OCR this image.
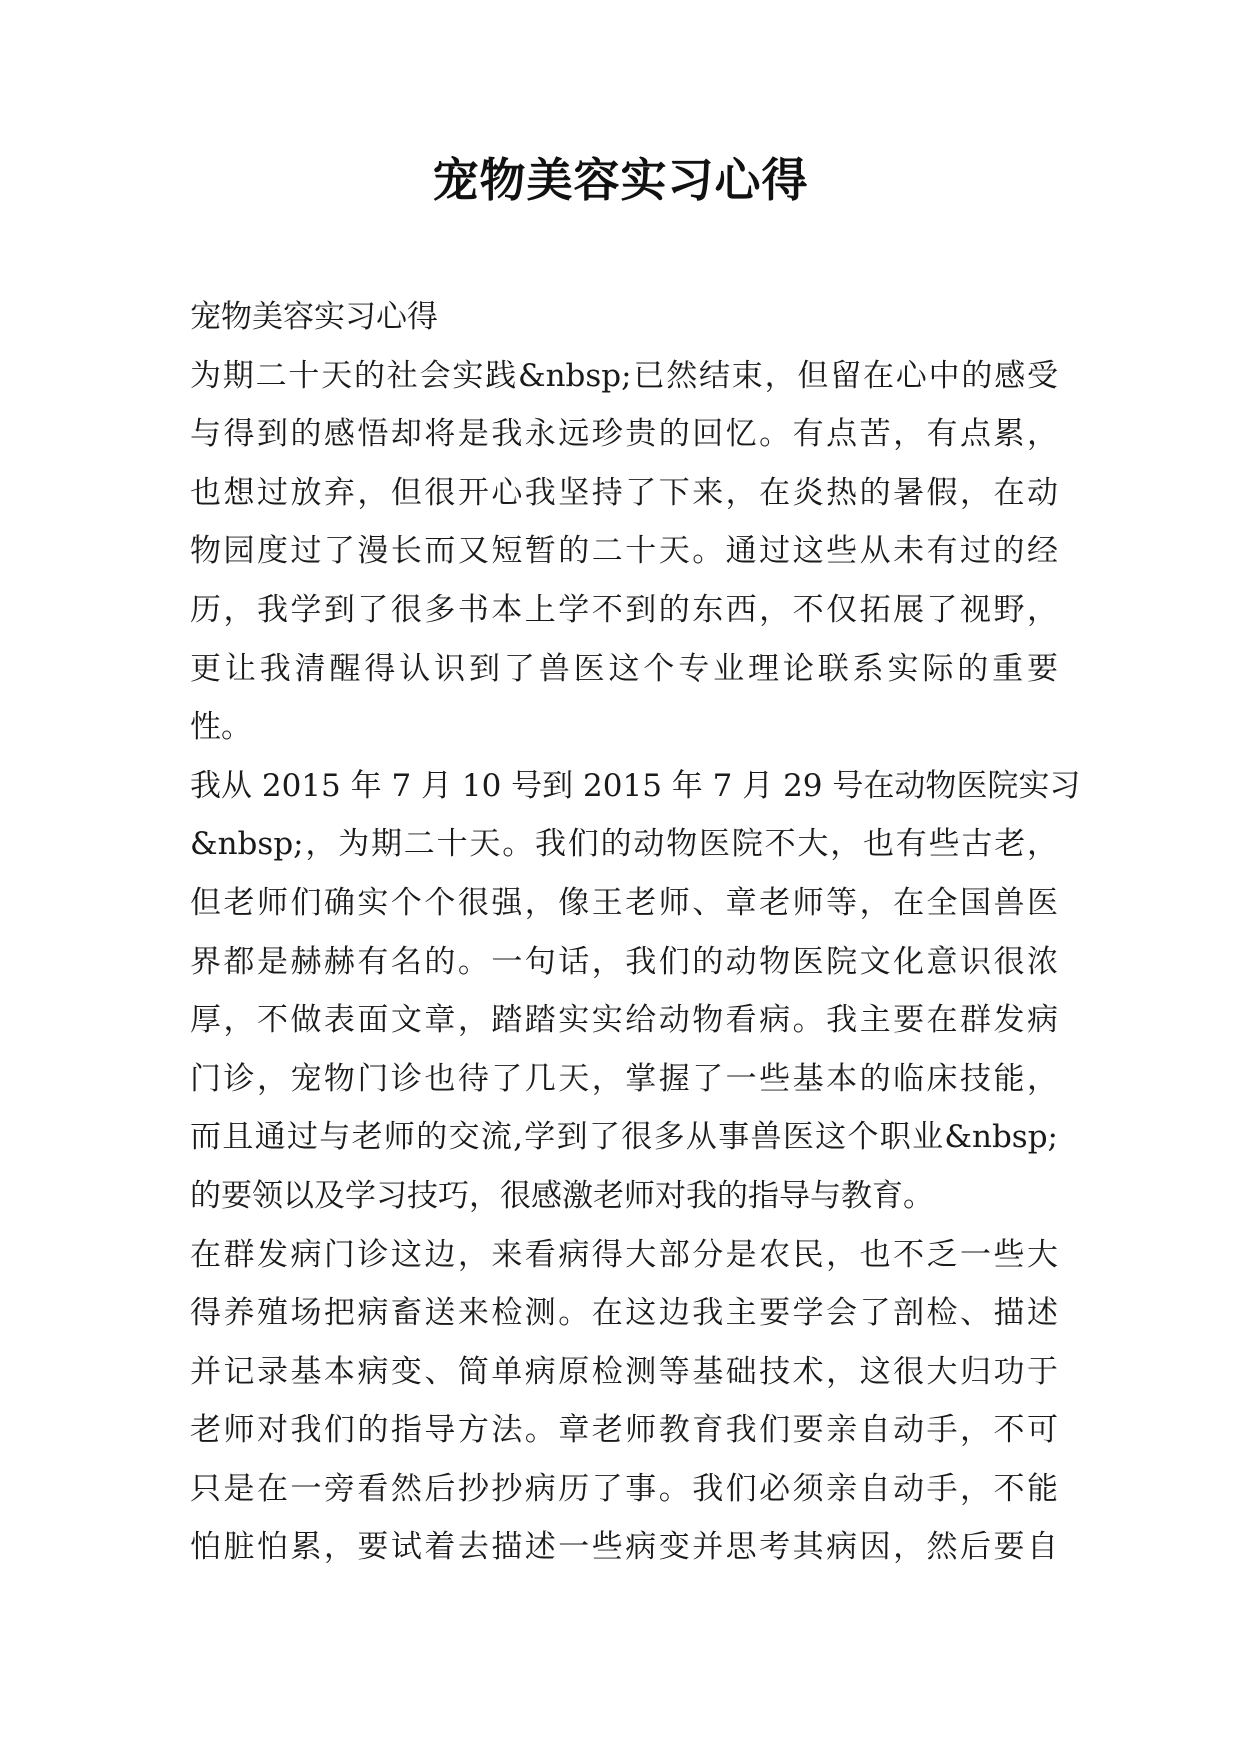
宠物美容实习心得
宠物美容实习心得
为期二十天的社会实践&nbsp;已然结束，但留在心中的感受
与得到的感悟却将是我永远珍贵的回忆。有点苦，有点累，
也想过放弃，但很开心我坚持了下来，在炎热的暑假，在动
物园度过了漫长而又短暂的二十天。通过这些从未有过的经
历，我学到了很多书本上学不到的东西，不仅拓展了视野，
更让我清醒得认识到了兽医这个专业理论联系实际的重要
性。
我从 2015 年 7 月 10 号到 2015 年 7 月 29 号在动物医院实习
&nbsp;，为期二十天。我们的动物医院不大，也有些古老，
但老师们确实个个很强，像王老师、章老师等，在全国兽医
界都是赫赫有名的。一句话，我们的动物医院文化意识很浓
厚，不做表面文章，踏踏实实给动物看病。我主要在群发病
门诊，宠物门诊也待了几天，掌握了一些基本的临床技能，
而且通过与老师的交流,学到了很多从事兽医这个职业&nbsp;
的要领以及学习技巧，很感激老师对我的指导与教育。
在群发病门诊这边，来看病得大部分是农民，也不乏一些大
得养殖场把病畜送来检测。在这边我主要学会了剖检、描述
并记录基本病变、简单病原检测等基础技术，这很大归功于
老师对我们的指导方法。章老师教育我们要亲自动手，不可
只是在一旁看然后抄抄病历了事。我们必须亲自动手，不能
怕脏怕累，要试着去描述一些病变并思考其病因，然后要自
